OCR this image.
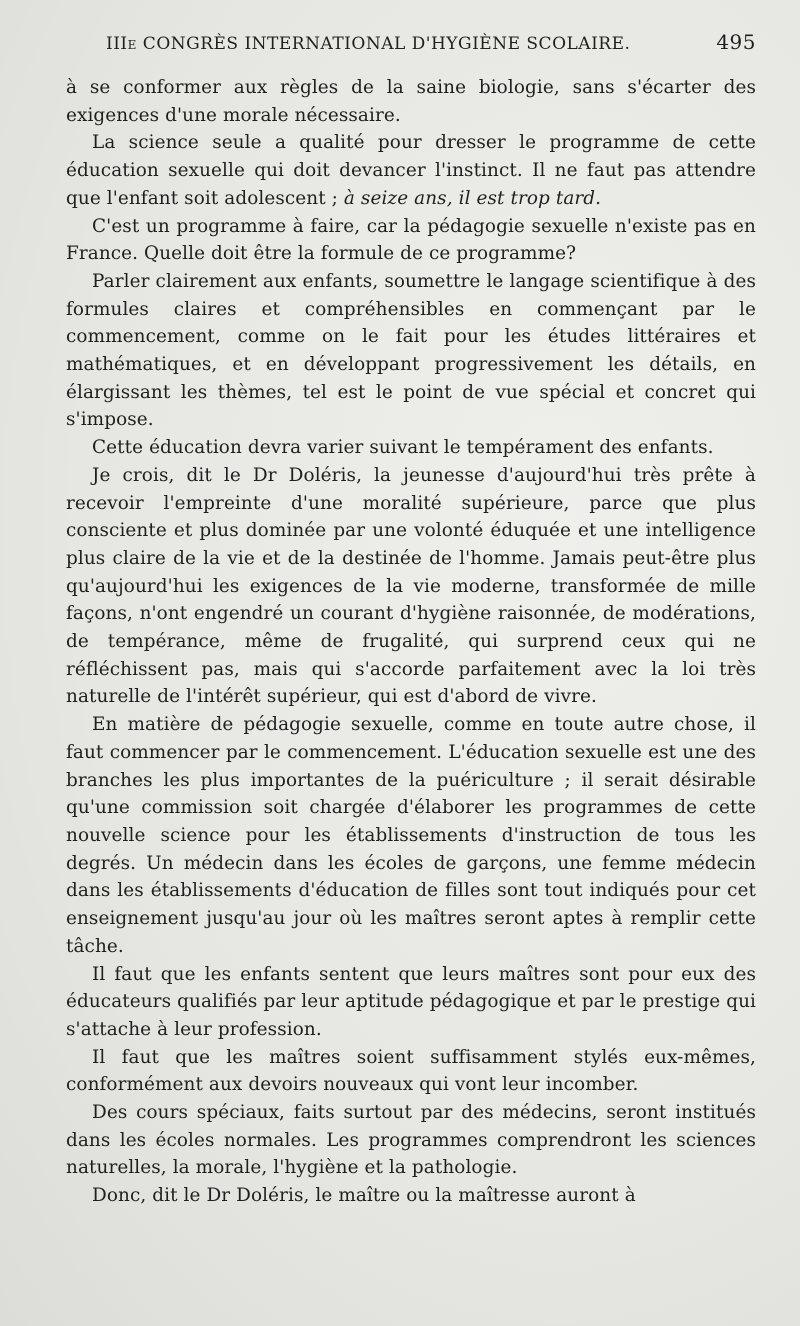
IIIe CONGRÈS INTERNATIONAL D'HYGIÈNE SCOLAIRE.	495

à se conformer aux règles de la saine biologie, sans s'écarter des exigences d'une morale nécessaire.

La science seule a qualité pour dresser le programme de cette éducation sexuelle qui doit devancer l'instinct. Il ne faut pas attendre que l'enfant soit adolescent ; à seize ans, il est trop tard.

C'est un programme à faire, car la pédagogie sexuelle n'existe pas en France. Quelle doit être la formule de ce programme?

Parler clairement aux enfants, soumettre le langage scientifique à des formules claires et compréhensibles en commençant par le commencement, comme on le fait pour les études littéraires et mathématiques, et en développant progressivement les détails, en élargissant les thèmes, tel est le point de vue spécial et concret qui s'impose.

Cette éducation devra varier suivant le tempérament des enfants.

Je crois, dit le Dr Doléris, la jeunesse d'aujourd'hui très prête à recevoir l'empreinte d'une moralité supérieure, parce que plus consciente et plus dominée par une volonté éduquée et une intelligence plus claire de la vie et de la destinée de l'homme. Jamais peut-être plus qu'aujourd'hui les exigences de la vie moderne, transformée de mille façons, n'ont engendré un courant d'hygiène raisonnée, de modérations, de tempérance, même de frugalité, qui surprend ceux qui ne réfléchissent pas, mais qui s'accorde parfaitement avec la loi très naturelle de l'intérêt supérieur, qui est d'abord de vivre.

En matière de pédagogie sexuelle, comme en toute autre chose, il faut commencer par le commencement. L'éducation sexuelle est une des branches les plus importantes de la puériculture ; il serait désirable qu'une commission soit chargée d'élaborer les programmes de cette nouvelle science pour les établissements d'instruction de tous les degrés. Un médecin dans les écoles de garçons, une femme médecin dans les établissements d'éducation de filles sont tout indiqués pour cet enseignement jusqu'au jour où les maîtres seront aptes à remplir cette tâche.

Il faut que les enfants sentent que leurs maîtres sont pour eux des éducateurs qualifiés par leur aptitude pédagogique et par le prestige qui s'attache à leur profession.

Il faut que les maîtres soient suffisamment stylés eux-mêmes, conformément aux devoirs nouveaux qui vont leur incomber.

Des cours spéciaux, faits surtout par des médecins, seront institués dans les écoles normales. Les programmes comprendront les sciences naturelles, la morale, l'hygiène et la pathologie.

Donc, dit le Dr Doléris, le maître ou la maîtresse auront à
